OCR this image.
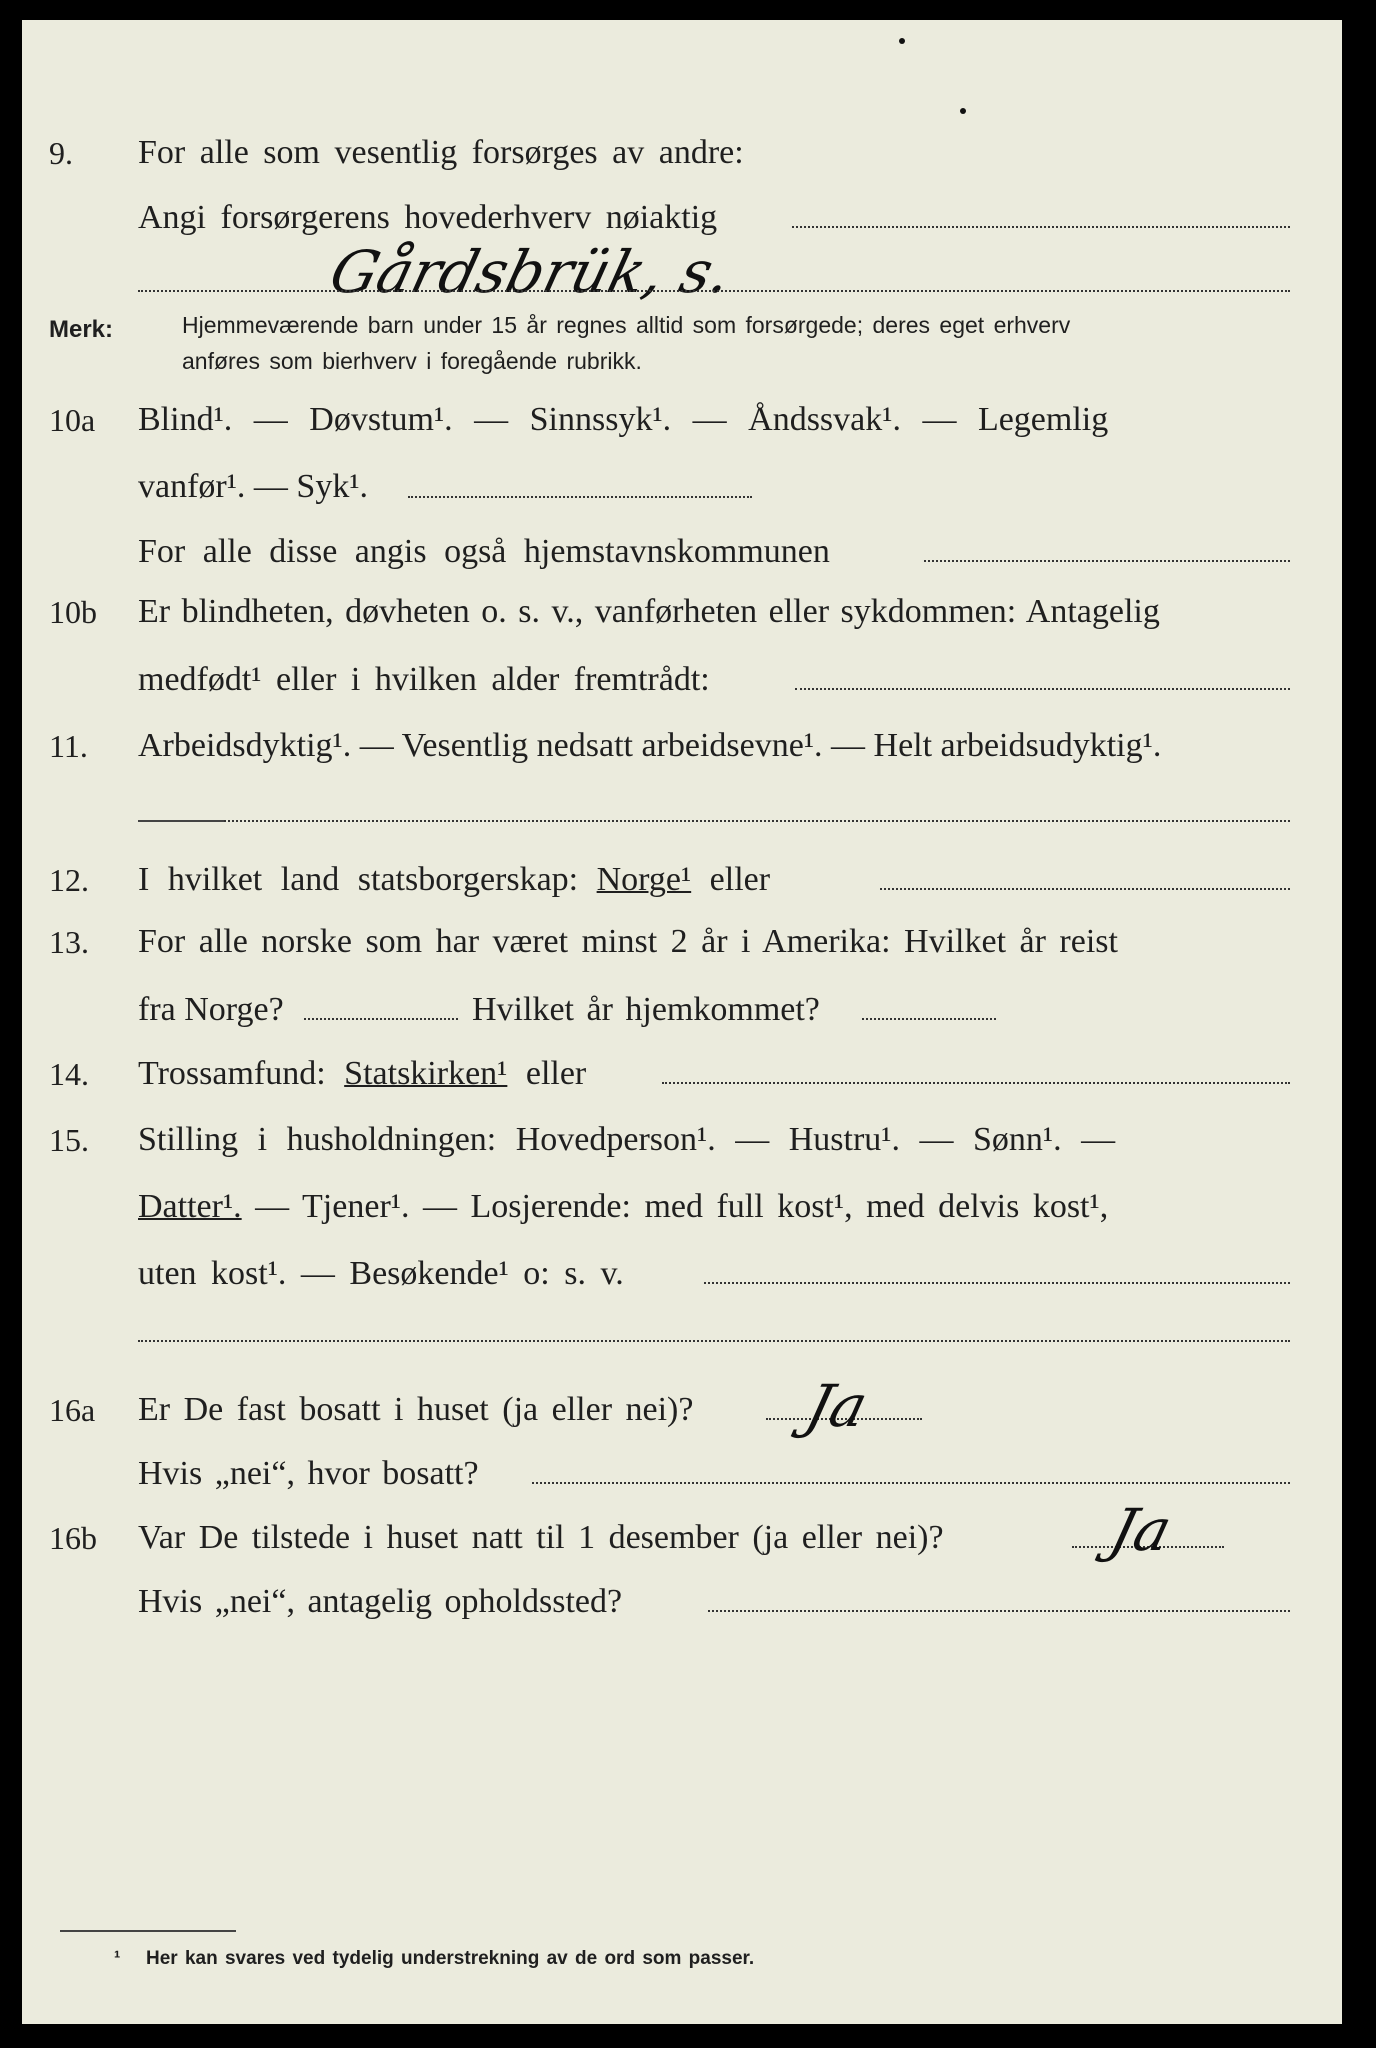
9. For alle som vesentlig forsørges av andre:
Angi forsørgerens hovederhverv nøiaktig
Gårdsbrük, s.
Merk:	Hjemmeværende barn under 15 år regnes alltid som forsørgede; deres eget erhverv
anføres som bierhverv i foregående rubrikk.
10a Blind¹. — Døvstum¹. — Sinnssyk¹. — Åndssvak¹. — Legemlig
vanfør¹. — Syk¹.
For alle disse angis også hjemstavnskommunen
10b Er blindheten, døvheten o. s. v., vanførheten eller sykdommen: Antagelig
medfødt¹ eller i hvilken alder fremtrådt:
11. Arbeidsdyktig¹. — Vesentlig nedsatt arbeidsevne¹. — Helt arbeidsudyktig¹.
12. I hvilket land statsborgerskap: Norge¹ eller
13. For alle norske som har været minst 2 år i Amerika: Hvilket år reist
fra Norge?	Hvilket år hjemkommet?
14. Trossamfund: Statskirken¹ eller
15. Stilling i husholdningen: Hovedperson¹. — Hustru¹. — Sønn¹. —
Datter¹. — Tjener¹. — Losjerende: med full kost¹, med delvis kost¹,
uten kost¹. — Besøkende¹ o: s. v.
16a Er De fast bosatt i huset (ja eller nei)? Ja
Hvis „nei“, hvor bosatt?
16b Var De tilstede i huset natt til 1 desember (ja eller nei)?	Ja
Hvis „nei“, antagelig opholdssted?
¹ Her kan svares ved tydelig understrekning av de ord som passer.
